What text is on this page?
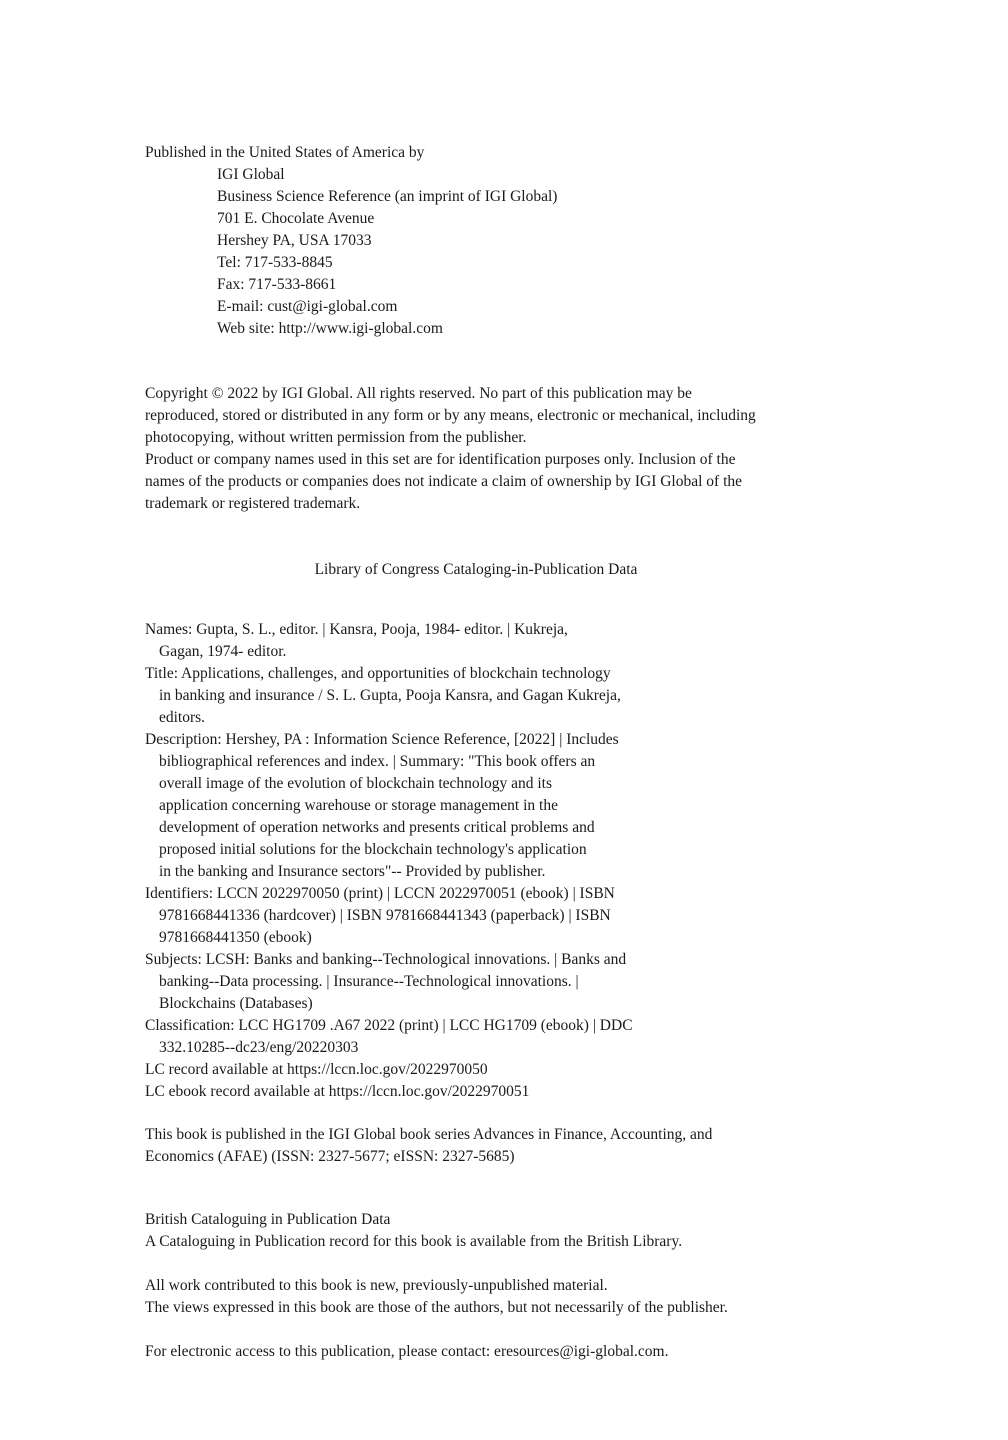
Published in the United States of America by
IGI Global
Business Science Reference (an imprint of IGI Global)
701 E. Chocolate Avenue
Hershey PA, USA 17033
Tel: 717-533-8845
Fax: 717-533-8661
E-mail: cust@igi-global.com
Web site: http://www.igi-global.com
Copyright © 2022 by IGI Global. All rights reserved. No part of this publication may be
reproduced, stored or distributed in any form or by any means, electronic or mechanical, including
photocopying, without written permission from the publisher.
Product or company names used in this set are for identification purposes only. Inclusion of the
names of the products or companies does not indicate a claim of ownership by IGI Global of the
trademark or registered trademark.
Library of Congress Cataloging-in-Publication Data
Names: Gupta, S. L., editor. | Kansra, Pooja, 1984- editor. | Kukreja,
Gagan, 1974- editor.
Title: Applications, challenges, and opportunities of blockchain technology
in banking and insurance / S. L. Gupta, Pooja Kansra, and Gagan Kukreja,
editors.
Description: Hershey, PA : Information Science Reference, [2022] | Includes
bibliographical references and index. | Summary: "This book offers an
overall image of the evolution of blockchain technology and its
application concerning warehouse or storage management in the
development of operation networks and presents critical problems and
proposed initial solutions for the blockchain technology's application
in the banking and Insurance sectors"-- Provided by publisher.
Identifiers: LCCN 2022970050 (print) | LCCN 2022970051 (ebook) | ISBN
9781668441336 (hardcover) | ISBN 9781668441343 (paperback) | ISBN
9781668441350 (ebook)
Subjects: LCSH: Banks and banking--Technological innovations. | Banks and
banking--Data processing. | Insurance--Technological innovations. |
Blockchains (Databases)
Classification: LCC HG1709 .A67 2022 (print) | LCC HG1709 (ebook) | DDC
332.10285--dc23/eng/20220303
LC record available at https://lccn.loc.gov/2022970050
LC ebook record available at https://lccn.loc.gov/2022970051
This book is published in the IGI Global book series Advances in Finance, Accounting, and
Economics (AFAE) (ISSN: 2327-5677; eISSN: 2327-5685)
British Cataloguing in Publication Data
A Cataloguing in Publication record for this book is available from the British Library.
All work contributed to this book is new, previously-unpublished material.
The views expressed in this book are those of the authors, but not necessarily of the publisher.
For electronic access to this publication, please contact: eresources@igi-global.com.
